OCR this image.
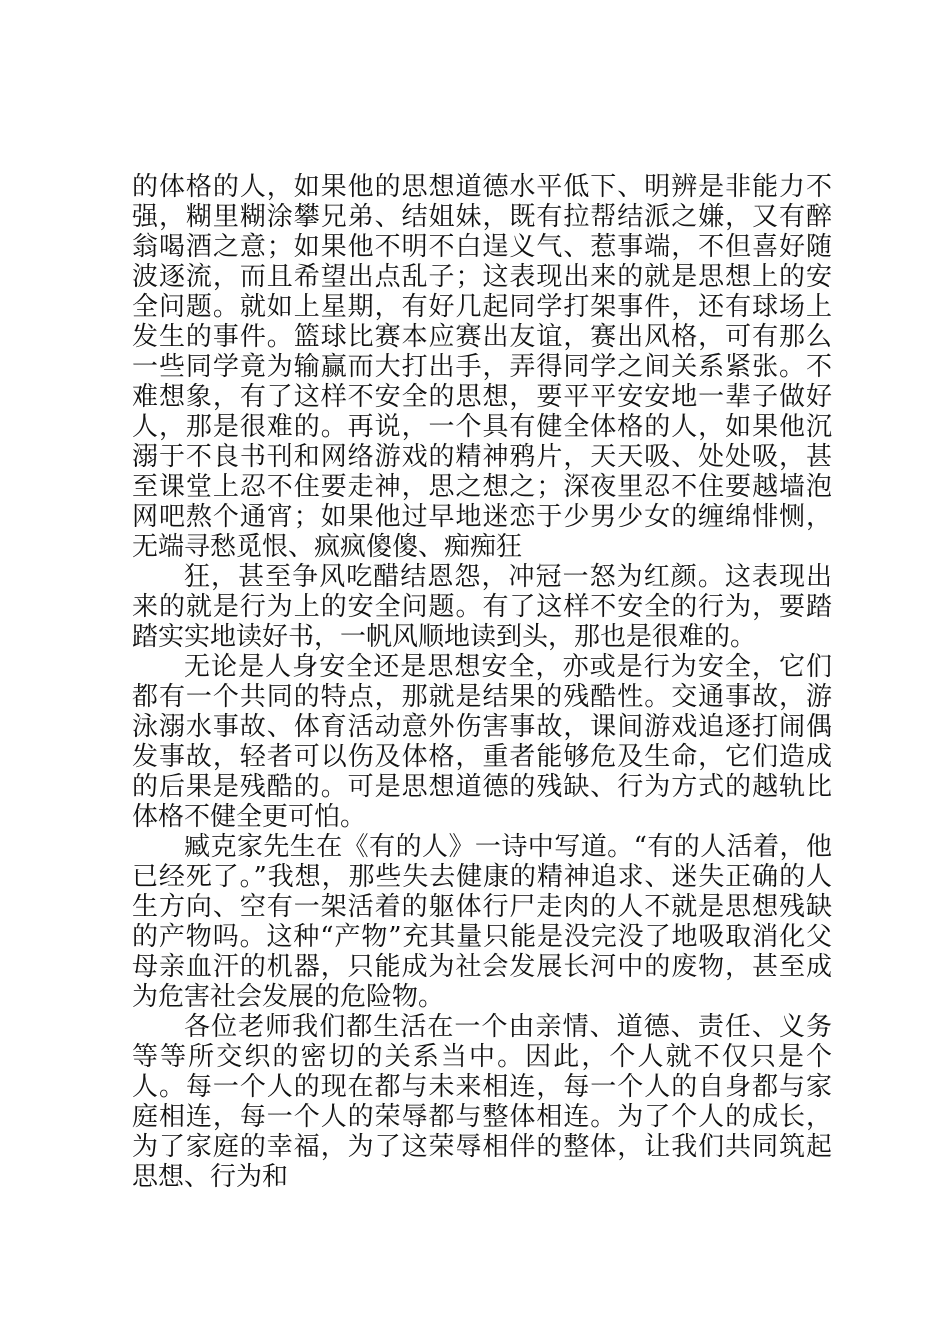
的体格的人，如果他的思想道德水平低下、明辨是非能力不强，糊里糊涂攀兄弟、结姐妹，既有拉帮结派之嫌，又有醉翁喝酒之意；如果他不明不白逞义气、惹事端，不但喜好随波逐流，而且希望出点乱子；这表现出来的就是思想上的安全问题。就如上星期，有好几起同学打架事件，还有球场上发生的事件。篮球比赛本应赛出友谊，赛出风格，可有那么一些同学竟为输赢而大打出手，弄得同学之间关系紧张。不难想象，有了这样不安全的思想，要平平安安地一辈子做好人，那是很难的。再说，一个具有健全体格的人，如果他沉溺于不良书刊和网络游戏的精神鸦片，天天吸、处处吸，甚至课堂上忍不住要走神，思之想之；深夜里忍不住要越墙泡网吧熬个通宵；如果他过早地迷恋于少男少女的缠绵悱恻，无端寻愁觅恨、疯疯傻傻、痴痴狂

狂，甚至争风吃醋结恩怨，冲冠一怒为红颜。这表现出来的就是行为上的安全问题。有了这样不安全的行为，要踏踏实实地读好书，一帆风顺地读到头，那也是很难的。

无论是人身安全还是思想安全，亦或是行为安全，它们都有一个共同的特点，那就是结果的残酷性。交通事故，游泳溺水事故、体育活动意外伤害事故，课间游戏追逐打闹偶发事故，轻者可以伤及体格，重者能够危及生命，它们造成的后果是残酷的。可是思想道德的残缺、行为方式的越轨比体格不健全更可怕。

臧克家先生在《有的人》一诗中写道。“有的人活着，他已经死了。”我想，那些失去健康的精神追求、迷失正确的人生方向、空有一架活着的躯体行尸走肉的人不就是思想残缺的产物吗。这种“产物”充其量只能是没完没了地吸取消化父母亲血汗的机器，只能成为社会发展长河中的废物，甚至成为危害社会发展的危险物。

各位老师我们都生活在一个由亲情、道德、责任、义务等等所交织的密切的关系当中。因此，个人就不仅只是个人。每一个人的现在都与未来相连，每一个人的自身都与家庭相连，每一个人的荣辱都与整体相连。为了个人的成长，为了家庭的幸福，为了这荣辱相伴的整体，让我们共同筑起思想、行为和
